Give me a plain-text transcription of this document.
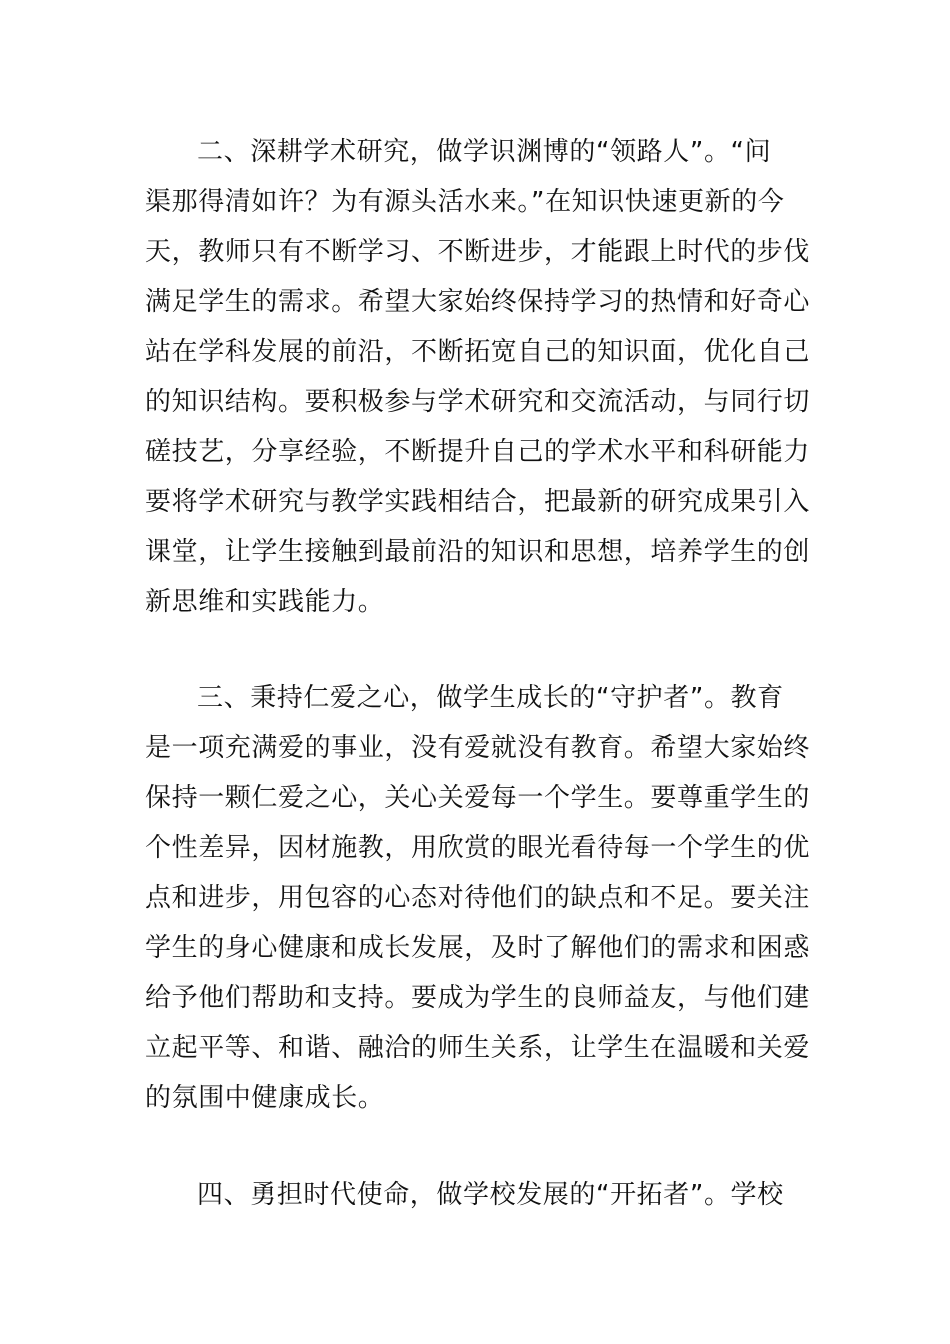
二、深耕学术研究，做学识渊博的“领路人”。“问
渠那得清如许？为有源头活水来。”在知识快速更新的今
天，教师只有不断学习、不断进步，才能跟上时代的步伐
满足学生的需求。希望大家始终保持学习的热情和好奇心
站在学科发展的前沿，不断拓宽自己的知识面，优化自己
的知识结构。要积极参与学术研究和交流活动，与同行切
磋技艺，分享经验，不断提升自己的学术水平和科研能力
要将学术研究与教学实践相结合，把最新的研究成果引入
课堂，让学生接触到最前沿的知识和思想，培养学生的创
新思维和实践能力。
三、秉持仁爱之心，做学生成长的“守护者”。教育
是一项充满爱的事业，没有爱就没有教育。希望大家始终
保持一颗仁爱之心，关心关爱每一个学生。要尊重学生的
个性差异，因材施教，用欣赏的眼光看待每一个学生的优
点和进步，用包容的心态对待他们的缺点和不足。要关注
学生的身心健康和成长发展，及时了解他们的需求和困惑
给予他们帮助和支持。要成为学生的良师益友，与他们建
立起平等、和谐、融洽的师生关系，让学生在温暖和关爱
的氛围中健康成长。
四、勇担时代使命，做学校发展的“开拓者”。学校
